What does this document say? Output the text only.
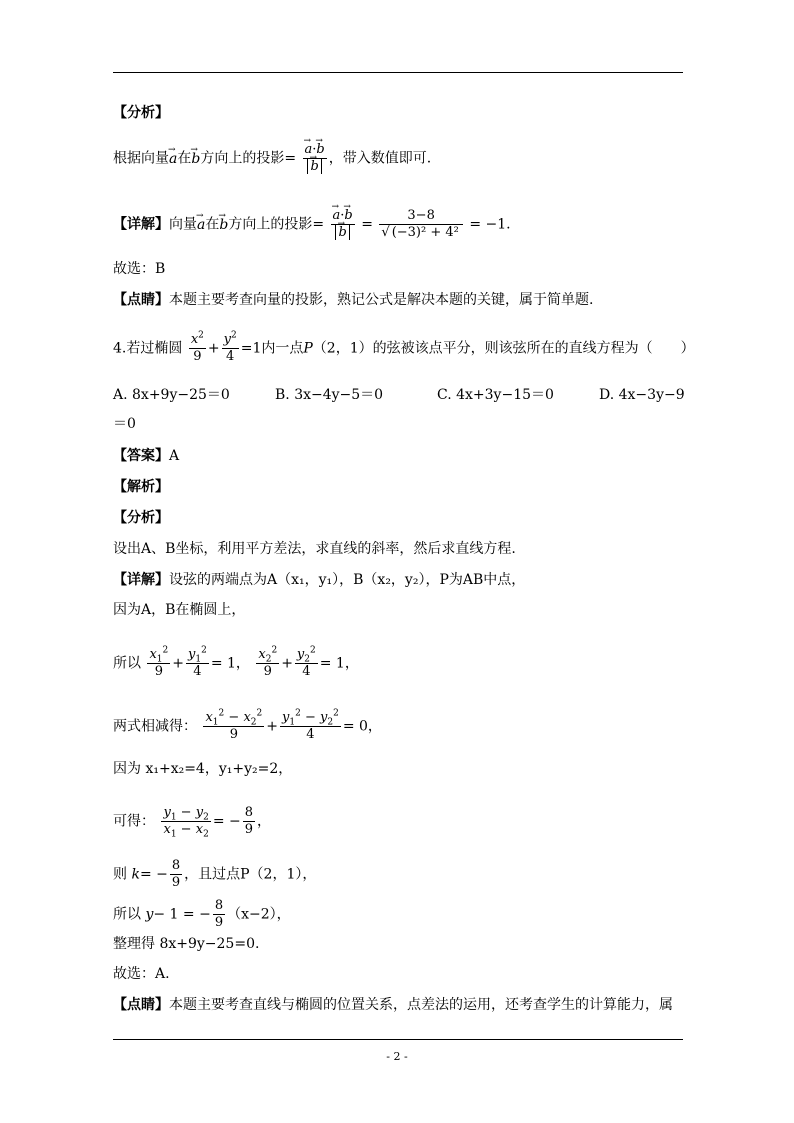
【分析】
根据向量→ a在→ b方向上的投影= → a·→ b
→ b ，带入数值即可.
【详解】向量→ a在→ b方向上的投影= → a·→ b
→ $b = \frac{3-8}{\text{√ (−3)² + 4²}} = -1$.
故选：B
【点睛】本题主要考查向量的投影，熟记公式是解决本题的关键，属于简单题.
4.若过椭圆 $\frac{x^2}{9} + \frac{y^2}{4} =1$内一点P（2，1）的弦被该点平分，则该弦所在的直线方程为（　　）
A. 8x+9y−25＝0	B. 3x−4y−5＝0	C. 4x+3y−15＝0	D. 4x−3y−9
＝0
【答案】A
【解析】
【分析】
设出A、B坐标，利用平方差法，求直线的斜率，然后求直线方程.
【详解】设弦的两端点为A（x₁，y₁），B（x₂，y₂），P为AB中点，
因为A，B在椭圆上，
所以 $\frac{x_1^2}{9} + \frac{y_1^2}{4} = 1$， $\frac{x_2^2}{9} + \frac{y_2^2}{4} = 1$，
两式相减得： $\frac{x_1^2 - x_2^2}{9} + \frac{y_1^2 - y_2^2}{4} = 0$，
因为 x₁+x₂=4，y₁+y₂=2，
可得： $\frac{y_1 - y_2}{x_1 - x_2}$ = − $\frac{8}{9}$ ，
则 $k= - \frac{8}{9}$ ，且过点P（2，1），
所以 y− 1 = − $\frac{8}{9} (x-2)$，
整理得 8x+9y−25=0.
故选：A.
【点睛】本题主要考查直线与椭圆的位置关系，点差法的运用，还考查学生的计算能力，属
- 2 -
